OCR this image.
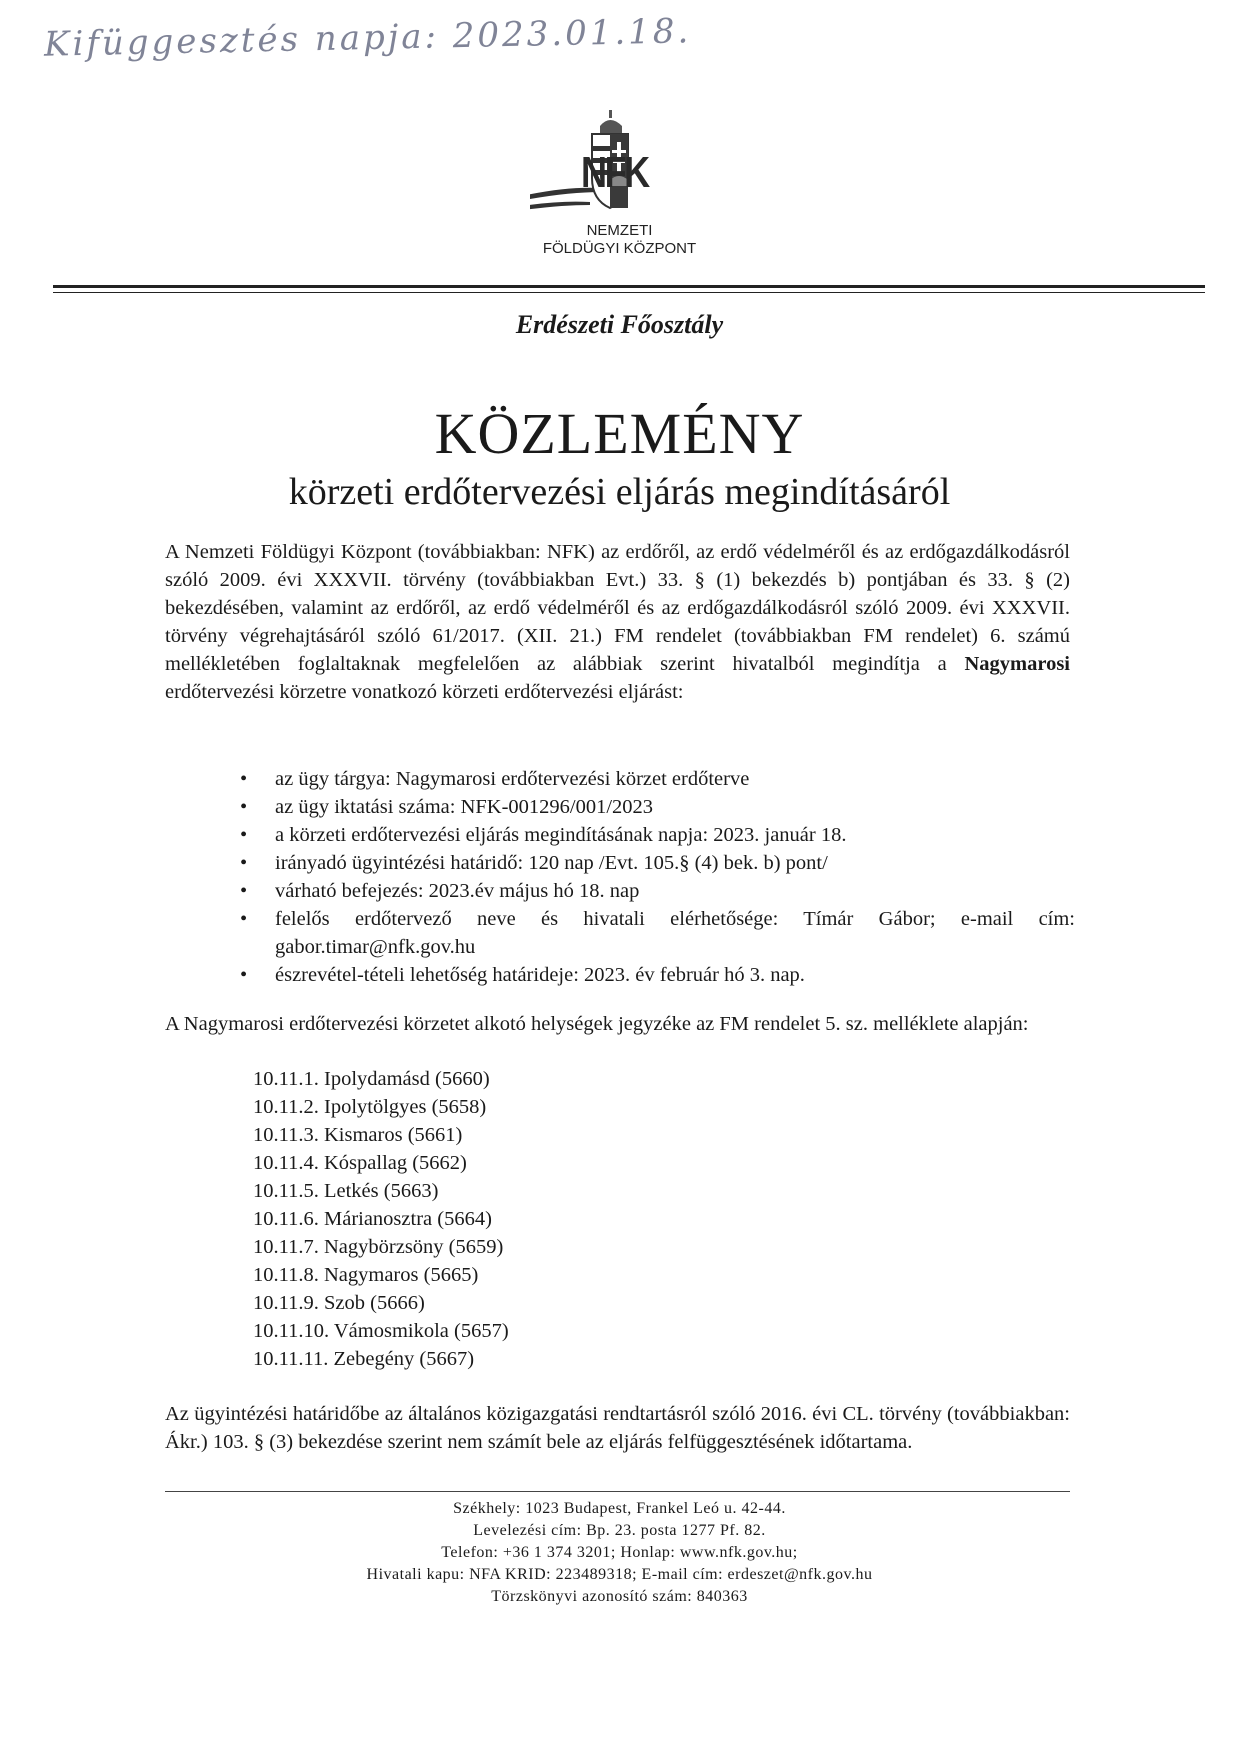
Kifüggesztés napja: 2023.01.18.
NFK
NEMZETI
FÖLDÜGYI KÖZPONT
Erdészeti Főosztály
KÖZLEMÉNY
körzeti erdőtervezési eljárás megindításáról
A Nemzeti Földügyi Központ (továbbiakban: NFK) az erdőről, az erdő védelméről és az erdőgazdálkodásról szóló 2009. évi XXXVII. törvény (továbbiakban Evt.) 33. § (1) bekezdés b) pontjában és 33. § (2) bekezdésében, valamint az erdőről, az erdő védelméről és az erdőgazdálkodásról szóló 2009. évi XXXVII. törvény végrehajtásáról szóló 61/2017. (XII. 21.) FM rendelet (továbbiakban FM rendelet) 6. számú mellékletében foglaltaknak megfelelően az alábbiak szerint hivatalból megindítja a Nagymarosi erdőtervezési körzetre vonatkozó körzeti erdőtervezési eljárást:
• az ügy tárgya: Nagymarosi erdőtervezési körzet erdőterve
• az ügy iktatási száma: NFK-001296/001/2023
• a körzeti erdőtervezési eljárás megindításának napja: 2023. január 18.
• irányadó ügyintézési határidő: 120 nap /Evt. 105.§ (4) bek. b) pont/
• várható befejezés: 2023.év május hó 18. nap
• felelős erdőtervező neve és hivatali elérhetősége: Tímár Gábor; e-mail cím: gabor.timar@nfk.gov.hu
• észrevétel-tételi lehetőség határideje: 2023. év február hó 3. nap.
A Nagymarosi erdőtervezési körzetet alkotó helységek jegyzéke az FM rendelet 5. sz. melléklete alapján:
10.11.1. Ipolydamásd (5660)
10.11.2. Ipolytölgyes (5658)
10.11.3. Kismaros (5661)
10.11.4. Kóspallag (5662)
10.11.5. Letkés (5663)
10.11.6. Márianosztra (5664)
10.11.7. Nagybörzsöny (5659)
10.11.8. Nagymaros (5665)
10.11.9. Szob (5666)
10.11.10. Vámosmikola (5657)
10.11.11. Zebegény (5667)
Az ügyintézési határidőbe az általános közigazgatási rendtartásról szóló 2016. évi CL. törvény (továbbiakban: Ákr.) 103. § (3) bekezdése szerint nem számít bele az eljárás felfüggesztésének időtartama.
Székhely: 1023 Budapest, Frankel Leó u. 42-44.
Levelezési cím: Bp. 23. posta 1277 Pf. 82.
Telefon: +36 1 374 3201; Honlap: www.nfk.gov.hu;
Hivatali kapu: NFA KRID: 223489318; E-mail cím: erdeszet@nfk.gov.hu
Törzskönyvi azonosító szám: 840363
